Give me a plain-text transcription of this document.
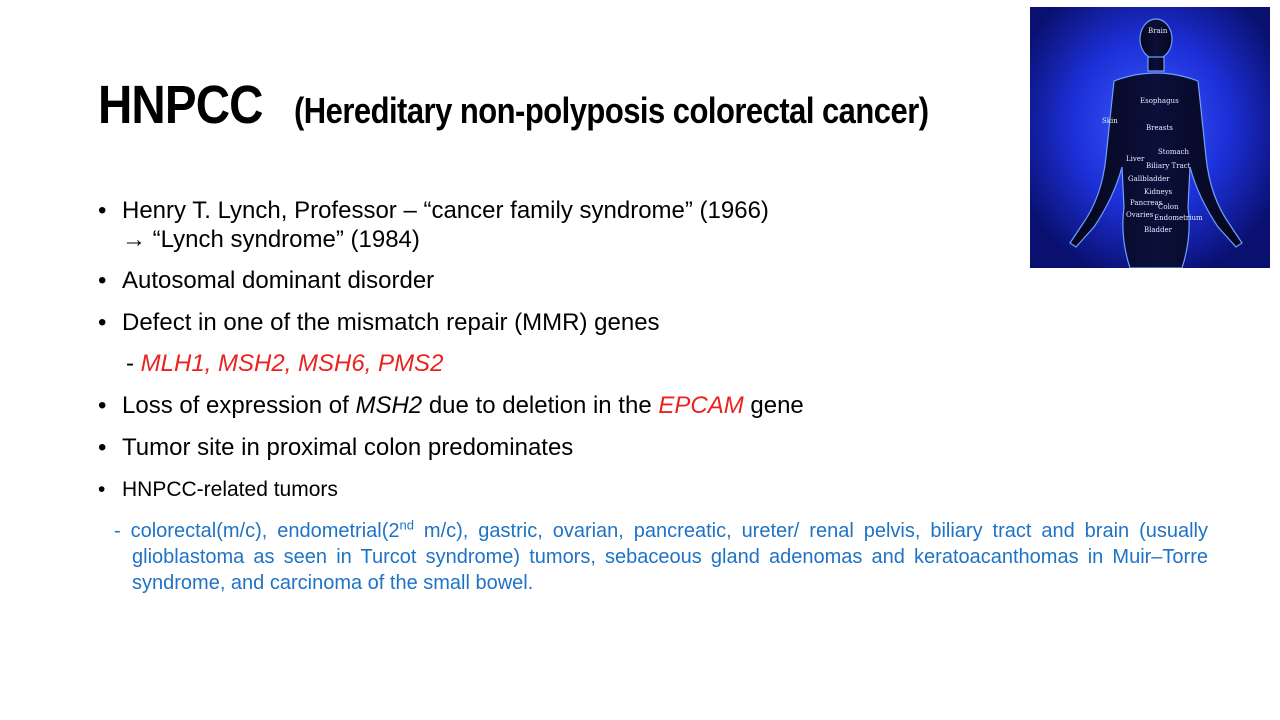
HNPCC (Hereditary non-polyposis colorectal cancer)
• Henry T. Lynch, Professor – “cancer family syndrome” (1966)
→ “Lynch syndrome” (1984)
• Autosomal dominant disorder
• Defect in one of the mismatch repair (MMR) genes
- MLH1, MSH2, MSH6, PMS2
• Loss of expression of MSH2 due to deletion in the EPCAM gene
• Tumor site in proximal colon predominates
• HNPCC-related tumors
- colorectal(m/c), endometrial(2nd m/c), gastric, ovarian, pancreatic, ureter/ renal pelvis, biliary tract and brain (usually glioblastoma as seen in Turcot syndrome) tumors, sebaceous gland adenomas and keratoacanthomas in Muir–Torre syndrome, and carcinoma of the small bowel.
Brain
Esophagus
Skin
Breasts
Stomach
Liver
Biliary Tract
Gallbladder
Kidneys
Pancreas
Colon
Ovaries Endometrium
Bladder
